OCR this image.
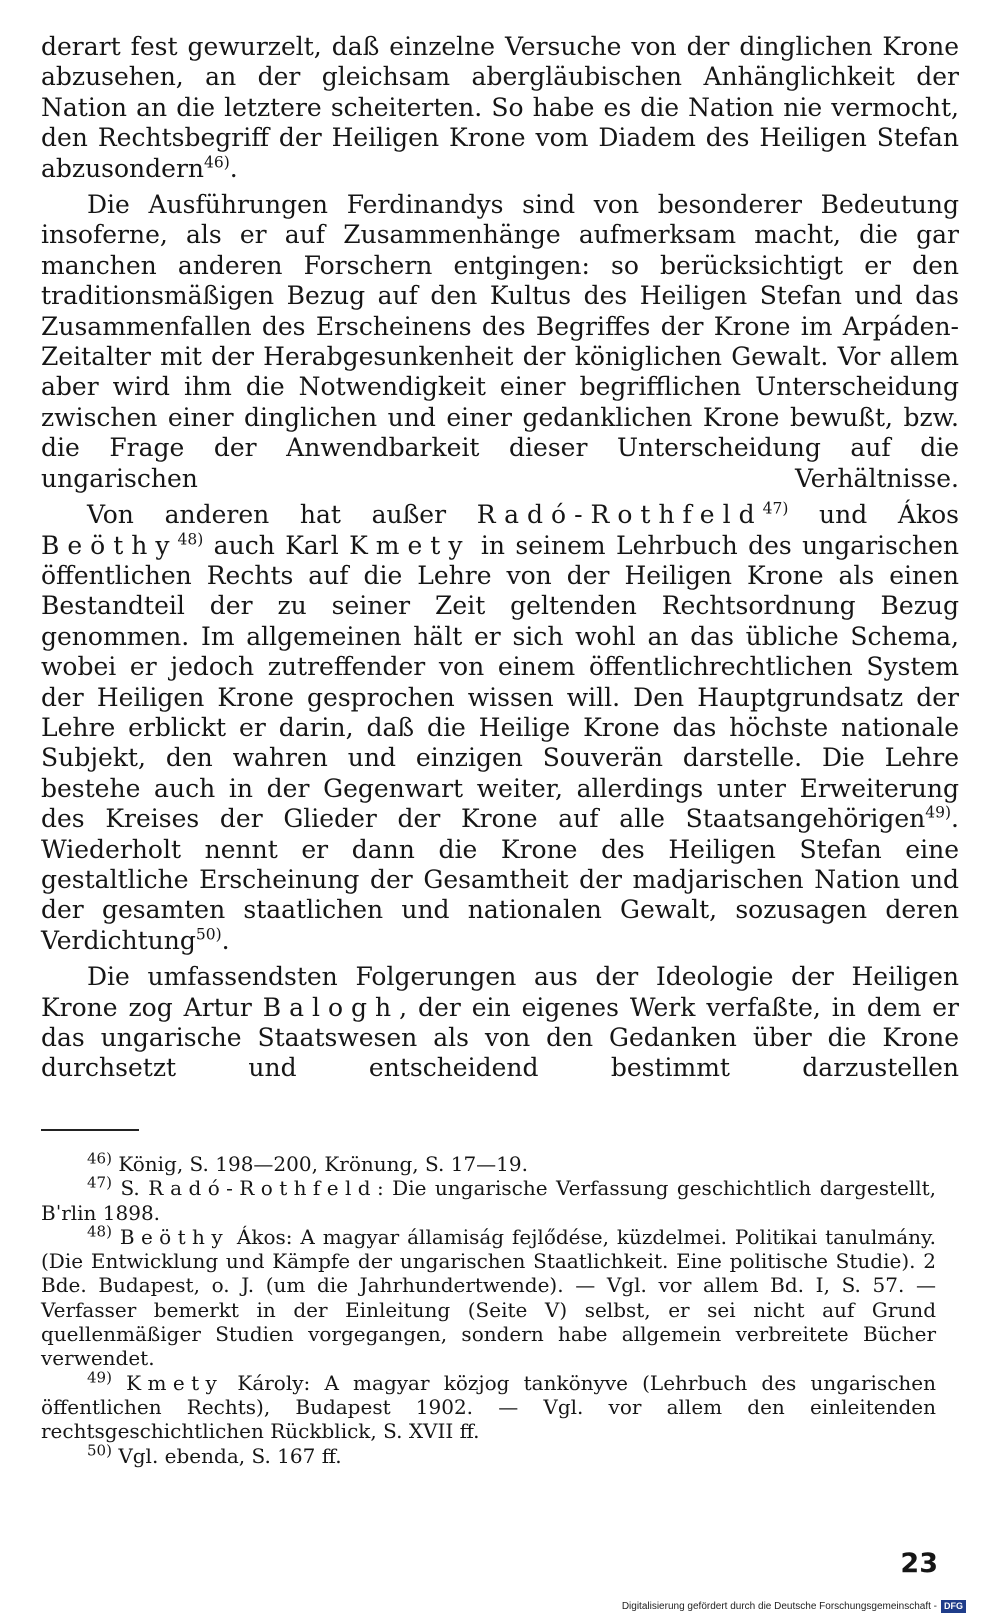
derart fest gewurzelt, daß einzelne Versuche von der dinglichen Krone abzusehen, an der gleichsam abergläubischen Anhänglichkeit der Nation an die letztere scheiterten. So habe es die Nation nie vermocht, den Rechtsbegriff der Heiligen Krone vom Diadem des Heiligen Stefan abzusondern$^{46)}$.

Die Ausführungen Ferdinandys sind von besonderer Bedeutung insoferne, als er auf Zusammenhänge aufmerksam macht, die gar manchen anderen Forschern entgingen: so berücksichtigt er den traditionsmäßigen Bezug auf den Kultus des Heiligen Stefan und das Zusammenfallen des Erscheinens des Begriffes der Krone im Arpáden-Zeitalter mit der Herabgesunkenheit der königlichen Gewalt. Vor allem aber wird ihm die Notwendigkeit einer begrifflichen Unterscheidung zwischen einer dinglichen und einer gedanklichen Krone bewußt, bzw. die Frage der Anwendbarkeit dieser Unterscheidung auf die ungarischen Verhältnisse.

Von anderen hat außer Radó-Rothfeld$^{47)}$ und Ákos Beöthy$^{48)}$ auch Karl Kmety in seinem Lehrbuch des ungarischen öffentlichen Rechts auf die Lehre von der Heiligen Krone als einen Bestandteil der zu seiner Zeit geltenden Rechtsordnung Bezug genommen. Im allgemeinen hält er sich wohl an das übliche Schema, wobei er jedoch zutreffender von einem öffentlichrechtlichen System der Heiligen Krone gesprochen wissen will. Den Hauptgrundsatz der Lehre erblickt er darin, daß die Heilige Krone das höchste nationale Subjekt, den wahren und einzigen Souverän darstelle. Die Lehre bestehe auch in der Gegenwart weiter, allerdings unter Erweiterung des Kreises der Glieder der Krone auf alle Staatsangehörigen$^{49)}$. Wiederholt nennt er dann die Krone des Heiligen Stefan eine gestaltliche Erscheinung der Gesamtheit der madjarischen Nation und der gesamten staatlichen und nationalen Gewalt, sozusagen deren Verdichtung$^{50)}$.

Die umfassendsten Folgerungen aus der Ideologie der Heiligen Krone zog Artur Balogh, der ein eigenes Werk verfaßte, in dem er das ungarische Staatswesen als von den Gedanken über die Krone durchsetzt und entscheidend bestimmt darzustellen

$^{46)}$ König, S. 198—200, Krönung, S. 17—19.

$^{47)}$ S. Radó-Rothfeld: Die ungarische Verfassung geschichtlich dargestellt, Bˈrlin 1898.

$^{48)}$ Beöthy Ákos: A magyar államiság fejlődése, küzdelmei. Politikai tanulmány. (Die Entwicklung und Kämpfe der ungarischen Staatlichkeit. Eine politische Studie). 2 Bde. Budapest, o. J. (um die Jahrhundertwende). — Vgl. vor allem Bd. I, S. 57. — Verfasser bemerkt in der Einleitung (Seite V) selbst, er sei nicht auf Grund quellenmäßiger Studien vorgegangen, sondern habe allgemein verbreitete Bücher verwendet.

$^{49)}$ Kmety Károly: A magyar közjog tankönyve (Lehrbuch des ungarischen öffentlichen Rechts), Budapest 1902. — Vgl. vor allem den einleitenden rechtsgeschichtlichen Rückblick, S. XVII ff.

$^{50)}$ Vgl. ebenda, S. 167 ff.

23
Digitalisierung gefördert durch die Deutsche Forschungsgemeinschaft - DFG
